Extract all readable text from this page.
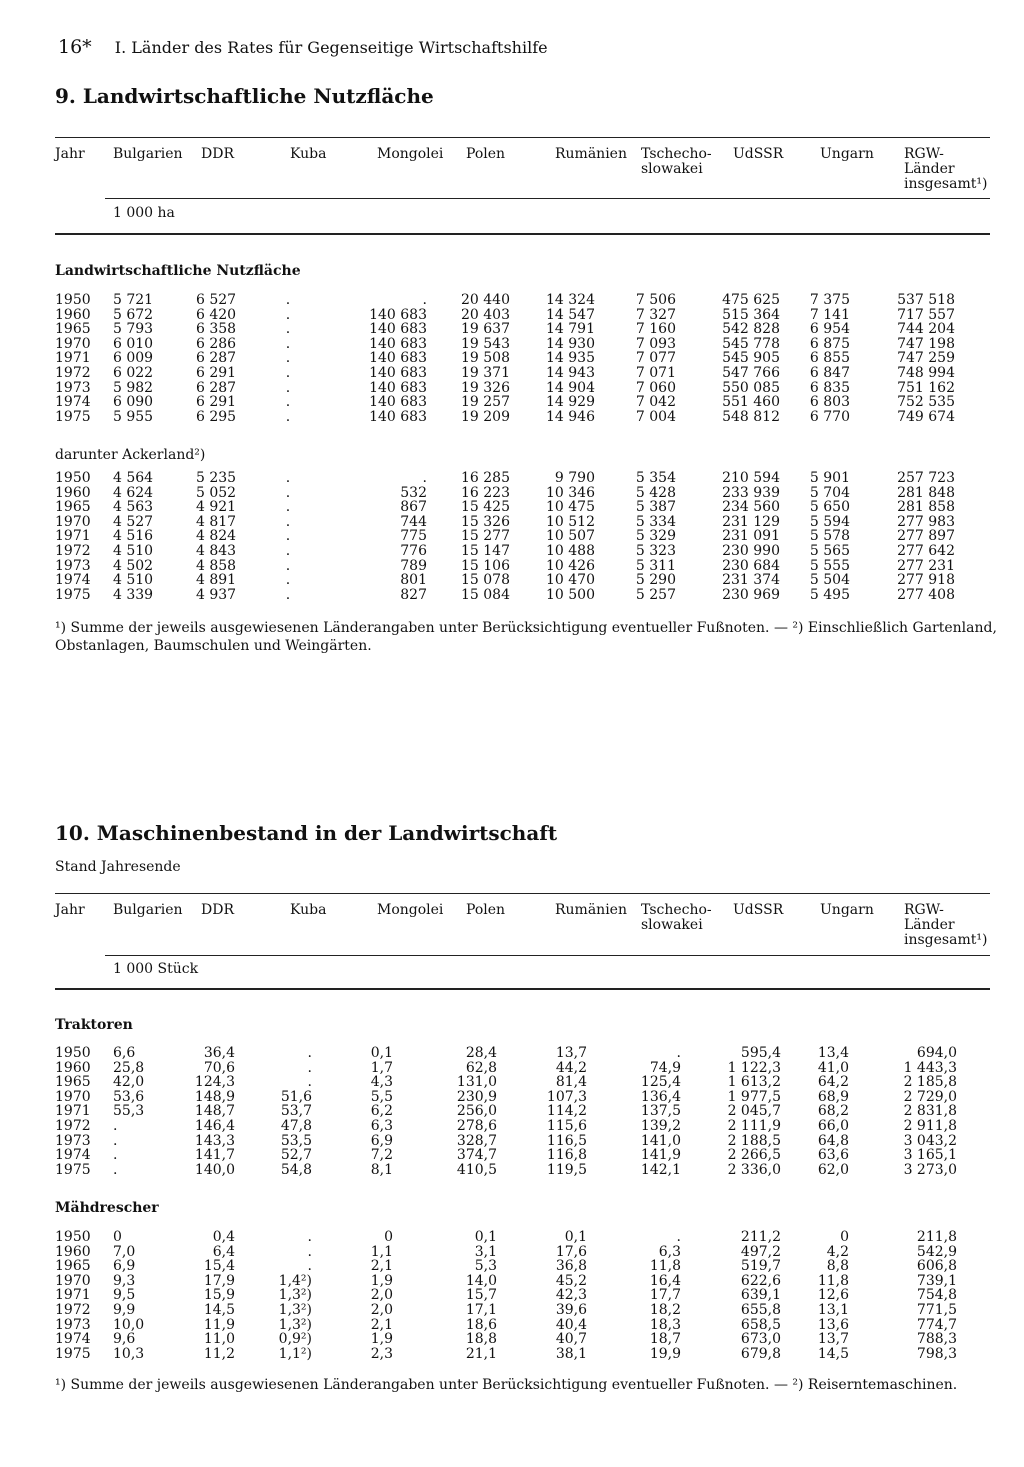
16* I. Länder des Rates für Gegenseitige Wirtschaftshilfe
9. Landwirtschaftliche Nutzfläche
Jahr Bulgarien DDR	Kuba	Mongolei Polen	Rumänien Tschecho-
slowakei
UdSSR	Ungarn RGW-
Länder
insgesamt¹)
1 000 ha
Landwirtschaftliche Nutzfläche
1950 5 721	6 527	.	.	20 440	14 324	7 506	475 625	7 375	537 518
1960 5 672	6 420	.	140 683	20 403	14 547	7 327	515 364	7 141	717 557
1965 5 793	6 358	.	140 683	19 637	14 791	7 160	542 828	6 954	744 204
1970 6 010	6 286	.	140 683	19 543	14 930	7 093	545 778	6 875	747 198
1971 6 009	6 287	.	140 683	19 508	14 935	7 077	545 905	6 855	747 259
1972 6 022	6 291	.	140 683	19 371	14 943	7 071	547 766	6 847	748 994
1973 5 982	6 287	.	140 683	19 326	14 904	7 060	550 085	6 835	751 162
1974 6 090	6 291	.	140 683	19 257	14 929	7 042	551 460	6 803	752 535
1975 5 955	6 295	.	140 683	19 209	14 946	7 004	548 812	6 770	749 674
darunter Ackerland²)
1950 4 564	5 235	.	.	16 285	9 790	5 354	210 594	5 901	257 723
1960 4 624	5 052	.	532	16 223	10 346	5 428	233 939	5 704	281 848
1965 4 563	4 921	.	867	15 425	10 475	5 387	234 560	5 650	281 858
1970 4 527	4 817	.	744	15 326	10 512	5 334	231 129	5 594	277 983
1971 4 516	4 824	.	775	15 277	10 507	5 329	231 091	5 578	277 897
1972 4 510	4 843	.	776	15 147	10 488	5 323	230 990	5 565	277 642
1973 4 502	4 858	.	789	15 106	10 426	5 311	230 684	5 555	277 231
1974 4 510	4 891	.	801	15 078	10 470	5 290	231 374	5 504	277 918
1975 4 339	4 937	.	827	15 084	10 500	5 257	230 969	5 495	277 408
¹) Summe der jeweils ausgewiesenen Länderangaben unter Berücksichtigung eventueller Fußnoten. — ²) Einschließlich Gartenland, Obstanlagen, Baumschulen und Weingärten.
10. Maschinenbestand in der Landwirtschaft
Stand Jahresende
Jahr Bulgarien DDR	Kuba	Mongolei Polen	Rumänien Tschecho-
slowakei
UdSSR	Ungarn RGW-
Länder
insgesamt¹)
1 000 Stück
Traktoren
1950 6,6	36,4	.	0,1	28,4	13,7	.	595,4	13,4	694,0
1960 25,8	70,6	.	1,7	62,8	44,2	74,9	1 122,3	41,0	1 443,3
1965 42,0	124,3	.	4,3	131,0	81,4	125,4	1 613,2	64,2	2 185,8
1970 53,6	148,9	51,6	5,5	230,9	107,3	136,4	1 977,5	68,9	2 729,0
1971 55,3	148,7	53,7	6,2	256,0	114,2	137,5	2 045,7	68,2	2 831,8
1972 .	146,4	47,8	6,3	278,6	115,6	139,2	2 111,9	66,0	2 911,8
1973 .	143,3	53,5	6,9	328,7	116,5	141,0	2 188,5	64,8	3 043,2
1974 .	141,7	52,7	7,2	374,7	116,8	141,9	2 266,5	63,6	3 165,1
1975 .	140,0	54,8	8,1	410,5	119,5	142,1	2 336,0	62,0	3 273,0
Mähdrescher
1950 0	0,4	.	0	0,1	0,1	.	211,2	0	211,8
1960 7,0	6,4	.	1,1	3,1	17,6	6,3	497,2	4,2	542,9
1965 6,9	15,4	.	2,1	5,3	36,8	11,8	519,7	8,8	606,8
1970 9,3	17,9	1,4²)	1,9	14,0	45,2	16,4	622,6	11,8	739,1
1971 9,5	15,9	1,3²)	2,0	15,7	42,3	17,7	639,1	12,6	754,8
1972 9,9	14,5	1,3²)	2,0	17,1	39,6	18,2	655,8	13,1	771,5
1973 10,0	11,9	1,3²)	2,1	18,6	40,4	18,3	658,5	13,6	774,7
1974 9,6	11,0	0,9²)	1,9	18,8	40,7	18,7	673,0	13,7	788,3
1975 10,3	11,2	1,1²)	2,3	21,1	38,1	19,9	679,8	14,5	798,3
¹) Summe der jeweils ausgewiesenen Länderangaben unter Berücksichtigung eventueller Fußnoten. — ²) Reiserntemaschinen.
